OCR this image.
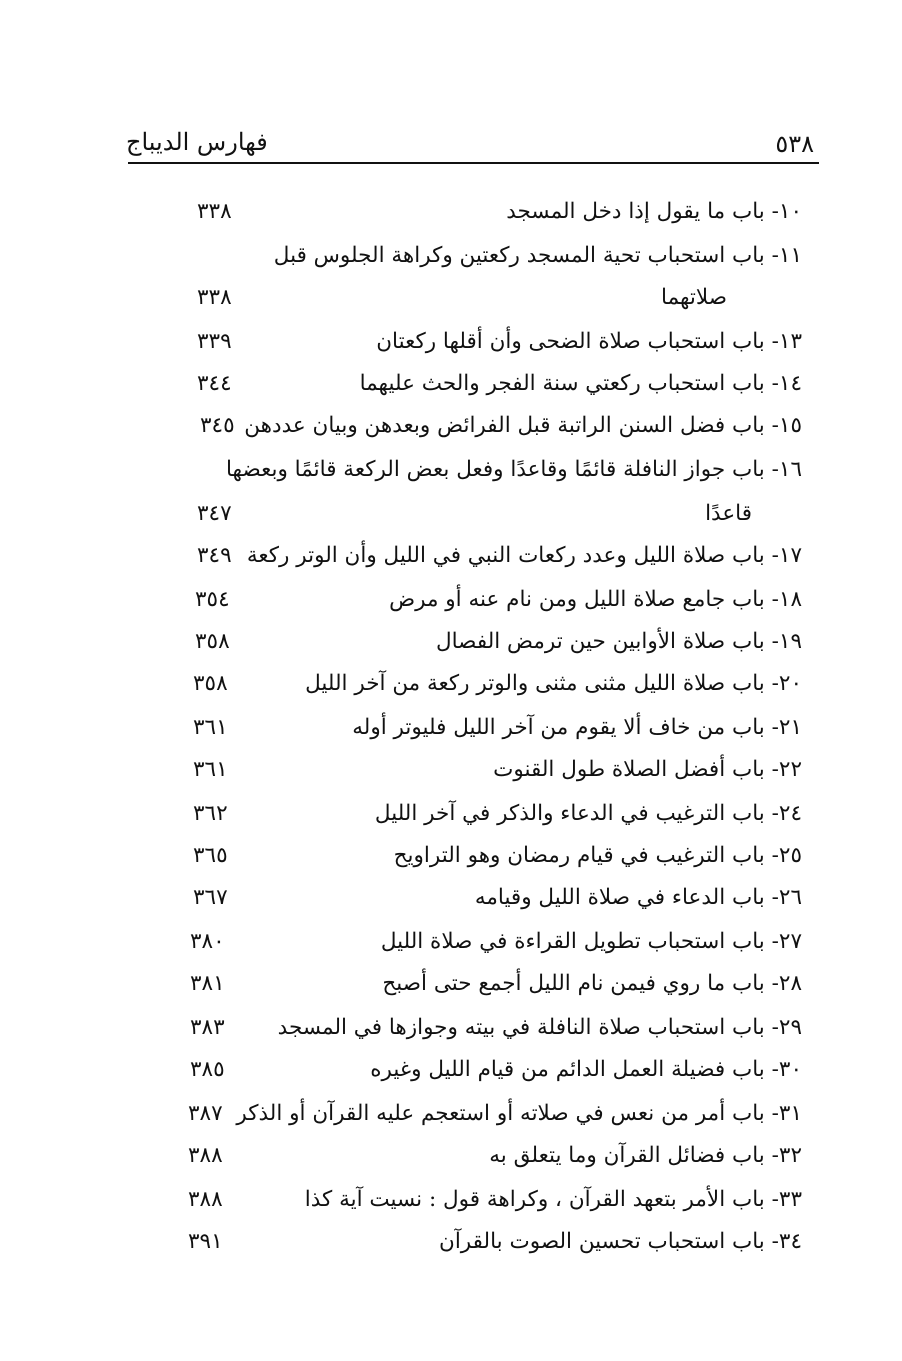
فهارس الديباج	٥٣٨
١٠- باب ما يقول إذا دخل المسجد
٣٣٨
١١- باب استحباب تحية المسجد ركعتين وكراهة الجلوس قبل
صلاتهما
٣٣٨
١٣- باب استحباب صلاة الضحى وأن أقلها ركعتان
٣٣٩
١٤- باب استحباب ركعتي سنة الفجر والحث عليهما
٣٤٤
١٥- باب فضل السنن الراتبة قبل الفرائض وبعدهن وبيان عددهن
٣٤٥
١٦- باب جواز النافلة قائمًا وقاعدًا وفعل بعض الركعة قائمًا وبعضها
قاعدًا
٣٤٧
١٧- باب صلاة الليل وعدد ركعات النبي في الليل وأن الوتر ركعة
٣٤٩
١٨- باب جامع صلاة الليل ومن نام عنه أو مرض
٣٥٤
١٩- باب صلاة الأوابين حين ترمض الفصال
٣٥٨
٢٠- باب صلاة الليل مثنى مثنى والوتر ركعة من آخر الليل
٣٥٨
٢١- باب من خاف ألا يقوم من آخر الليل فليوتر أوله
٣٦١
٢٢- باب أفضل الصلاة طول القنوت
٣٦١
٢٤- باب الترغيب في الدعاء والذكر في آخر الليل
٣٦٢
٢٥- باب الترغيب في قيام رمضان وهو التراويح
٣٦٥
٢٦- باب الدعاء في صلاة الليل وقيامه
٣٦٧
٢٧- باب استحباب تطويل القراءة في صلاة الليل
٣٨٠
٢٨- باب ما روي فيمن نام الليل أجمع حتى أصبح
٣٨١
٢٩- باب استحباب صلاة النافلة في بيته وجوازها في المسجد
٣٨٣
٣٠- باب فضيلة العمل الدائم من قيام الليل وغيره
٣٨٥
٣١- باب أمر من نعس في صلاته أو استعجم عليه القرآن أو الذكر
٣٨٧
٣٢- باب فضائل القرآن وما يتعلق به
٣٨٨
٣٣- باب الأمر بتعهد القرآن ، وكراهة قول : نسيت آية كذا
٣٨٨
٣٤- باب استحباب تحسين الصوت بالقرآن
٣٩١
